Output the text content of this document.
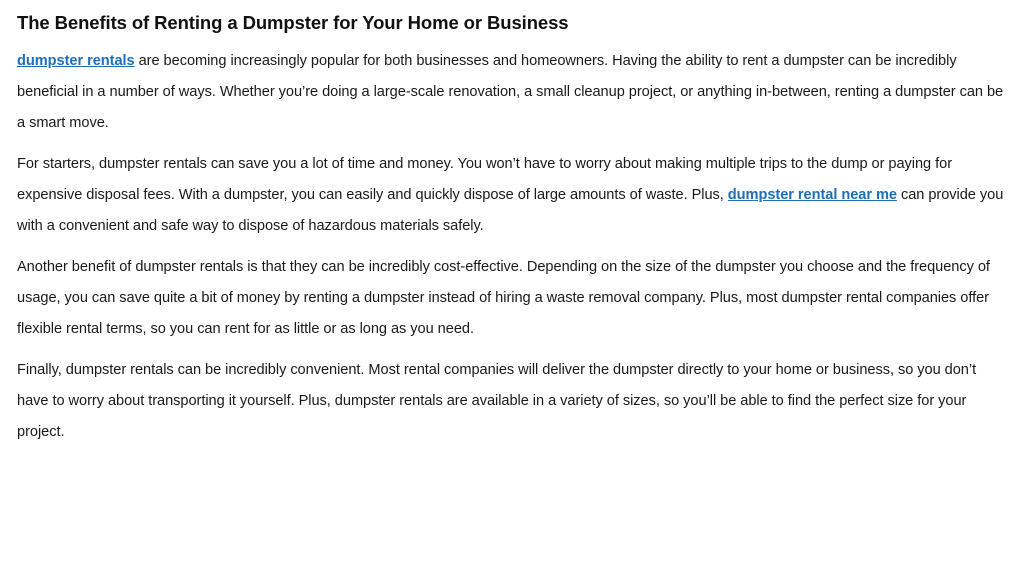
The Benefits of Renting a Dumpster for Your Home or Business

dumpster rentals are becoming increasingly popular for both businesses and homeowners. Having the ability to rent a dumpster can be incredibly beneficial in a number of ways. Whether you’re doing a large-scale renovation, a small cleanup project, or anything in-between, renting a dumpster can be a smart move.

For starters, dumpster rentals can save you a lot of time and money. You won’t have to worry about making multiple trips to the dump or paying for expensive disposal fees. With a dumpster, you can easily and quickly dispose of large amounts of waste. Plus, dumpster rental near me can provide you with a convenient and safe way to dispose of hazardous materials safely.

Another benefit of dumpster rentals is that they can be incredibly cost-effective. Depending on the size of the dumpster you choose and the frequency of usage, you can save quite a bit of money by renting a dumpster instead of hiring a waste removal company. Plus, most dumpster rental companies offer flexible rental terms, so you can rent for as little or as long as you need.

Finally, dumpster rentals can be incredibly convenient. Most rental companies will deliver the dumpster directly to your home or business, so you don’t have to worry about transporting it yourself. Plus, dumpster rentals are available in a variety of sizes, so you’ll be able to find the perfect size for your project.
